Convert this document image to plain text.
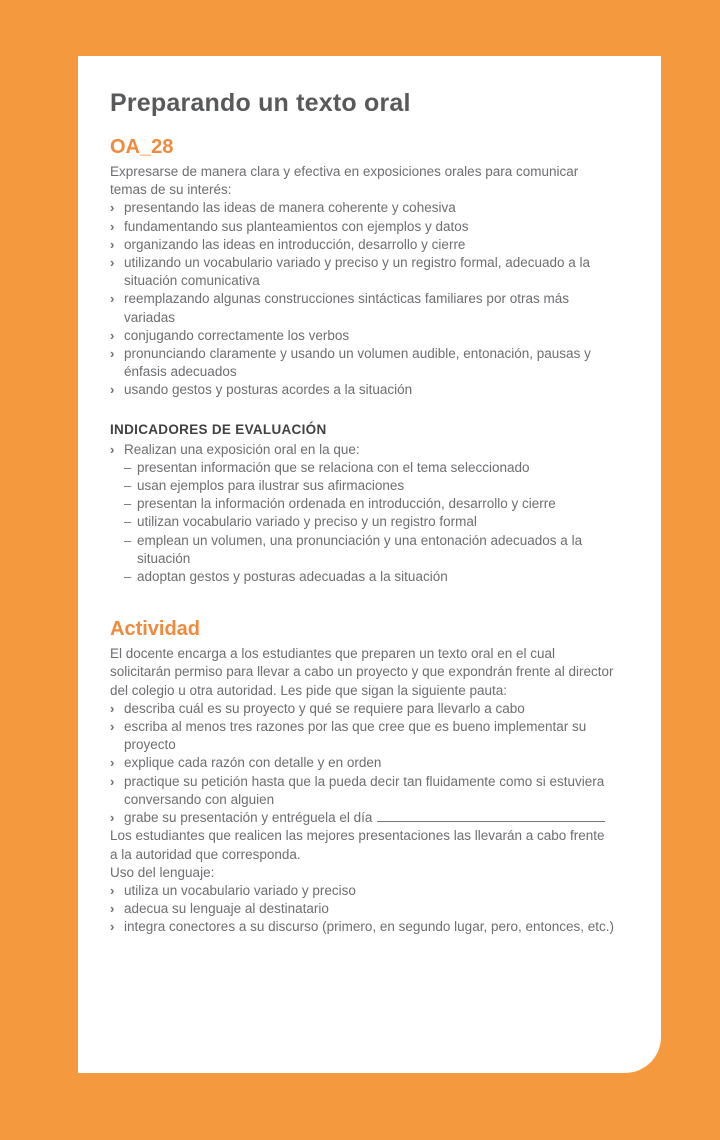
Preparando un texto oral
OA_28

Expresarse de manera clara y efectiva en exposiciones orales para comunicar temas de su interés:

› presentando las ideas de manera coherente y cohesiva
› fundamentando sus planteamientos con ejemplos y datos
› organizando las ideas en introducción, desarrollo y cierre
› utilizando un vocabulario variado y preciso y un registro formal, adecuado a la situación comunicativa
› reemplazando algunas construcciones sintácticas familiares por otras más variadas
› conjugando correctamente los verbos
› pronunciando claramente y usando un volumen audible, entonación, pausas y énfasis adecuados
› usando gestos y posturas acordes a la situación
INDICADORES DE EVALUACIÓN
› Realizan una exposición oral en la que:
– presentan información que se relaciona con el tema seleccionado
– usan ejemplos para ilustrar sus afirmaciones
– presentan la información ordenada en introducción, desarrollo y cierre
– utilizan vocabulario variado y preciso y un registro formal
– emplean un volumen, una pronunciación y una entonación adecuados a la situación
– adoptan gestos y posturas adecuadas a la situación
Actividad

El docente encarga a los estudiantes que preparen un texto oral en el cual solicitarán permiso para llevar a cabo un proyecto y que expondrán frente al director del colegio u otra autoridad. Les pide que sigan la siguiente pauta:

› describa cuál es su proyecto y qué se requiere para llevarlo a cabo
› escriba al menos tres razones por las que cree que es bueno implementar su proyecto
› explique cada razón con detalle y en orden
› practique su petición hasta que la pueda decir tan fluidamente como si estuviera conversando con alguien
› grabe su presentación y entréguela el día

Los estudiantes que realicen las mejores presentaciones las llevarán a cabo frente a la autoridad que corresponda.

Uso del lenguaje:

› utiliza un vocabulario variado y preciso
› adecua su lenguaje al destinatario
› integra conectores a su discurso (primero, en segundo lugar, pero, entonces, etc.)
